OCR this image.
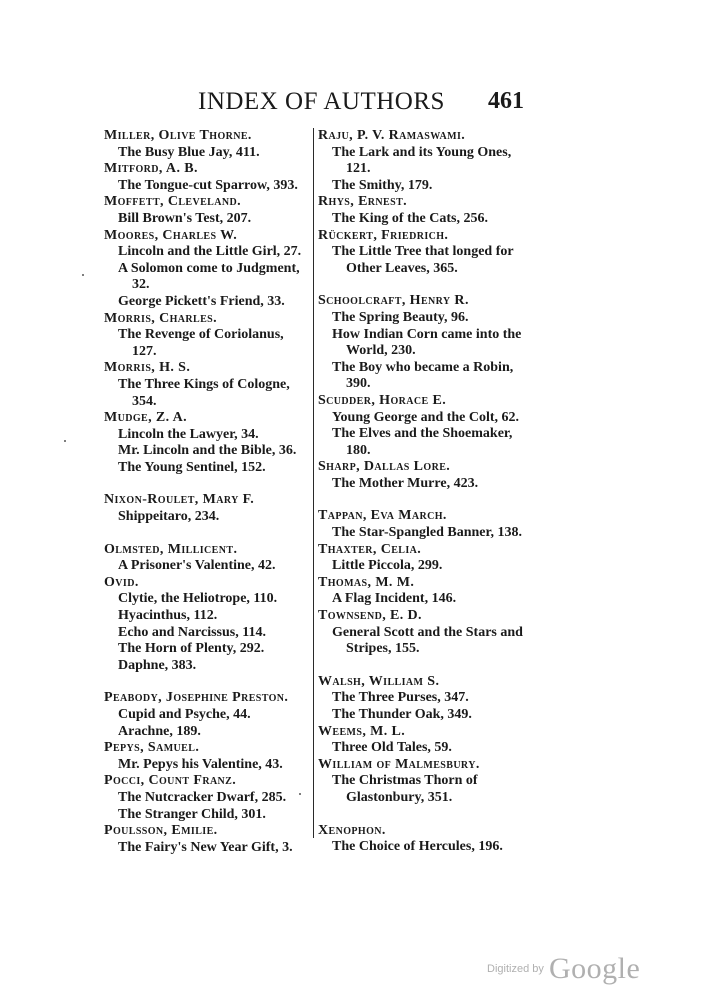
INDEX OF AUTHORS 461
Miller, Olive Thorne.
The Busy Blue Jay, 411.
Mitford, A. B.
The Tongue-cut Sparrow, 393.
Moffett, Cleveland.
Bill Brown's Test, 207.
Moores, Charles W.
Lincoln and the Little Girl, 27.
A Solomon come to Judgment, 32.
George Pickett's Friend, 33.
Morris, Charles.
The Revenge of Coriolanus, 127.
Morris, H. S.
The Three Kings of Cologne, 354.
Mudge, Z. A.
Lincoln the Lawyer, 34.
Mr. Lincoln and the Bible, 36.
The Young Sentinel, 152.
Nixon-Roulet, Mary F.
Shippeitaro, 234.
Olmsted, Millicent.
A Prisoner's Valentine, 42.
Ovid.
Clytie, the Heliotrope, 110.
Hyacinthus, 112.
Echo and Narcissus, 114.
The Horn of Plenty, 292.
Daphne, 383.
Peabody, Josephine Preston.
Cupid and Psyche, 44.
Arachne, 189.
Pepys, Samuel.
Mr. Pepys his Valentine, 43.
Pocci, Count Franz.
The Nutcracker Dwarf, 285.
The Stranger Child, 301.
Poulsson, Emilie.
The Fairy's New Year Gift, 3.
Raju, P. V. Ramaswami.
The Lark and its Young Ones, 121.
The Smithy, 179.
Rhys, Ernest.
The King of the Cats, 256.
Rückert, Friedrich.
The Little Tree that longed for Other Leaves, 365.
Schoolcraft, Henry R.
The Spring Beauty, 96.
How Indian Corn came into the World, 230.
The Boy who became a Robin, 390.
Scudder, Horace E.
Young George and the Colt, 62.
The Elves and the Shoemaker, 180.
Sharp, Dallas Lore.
The Mother Murre, 423.
Tappan, Eva March.
The Star-Spangled Banner, 138.
Thaxter, Celia.
Little Piccola, 299.
Thomas, M. M.
A Flag Incident, 146.
Townsend, E. D.
General Scott and the Stars and Stripes, 155.
Walsh, William S.
The Three Purses, 347.
The Thunder Oak, 349.
Weems, M. L.
Three Old Tales, 59.
William of Malmesbury.
The Christmas Thorn of Glastonbury, 351.
Xenophon.
The Choice of Hercules, 196.
Digitized by Google
